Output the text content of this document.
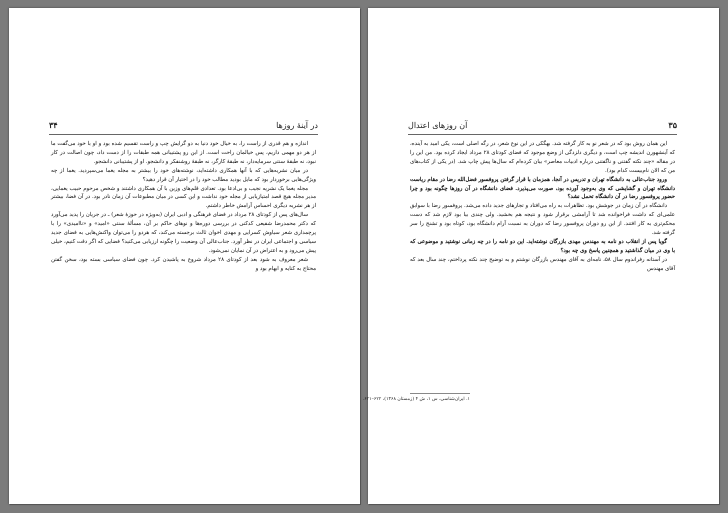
۳۴	در آینهٔ روزها

اندازه و هم قدری از راست را، به خیال خود دنیا به دو گرایش چپ و راست تقسیم شده بود و او با خود می‌گفت ما از هر دو مهمی داریم، پس خیالمان راحت است. از این رو پشتیبانی همه طبقات را از دست داد، چون اصالت در کار نبود، نه طبقهٔ سنتی سرمایه‌دار، نه طبقهٔ کارگر، نه طبقهٔ روشنفکر و دانشجو. او از پشتیبانی دانشجو.

در میان نشریه‌هایی که با آنها همکاری داشته‌اید، نوشته‌های خود را بیشتر به مجله یغما می‌سپردید. یغما از چه ویژگی‌هایی برخوردار بود که مایل بودید مطالب خود را در اختیار آن قرار دهید؟

مجله یغما یک نشریه نجیب و بی‌ادعا بود. تعدادی قلم‌های وزین با آن همکاری داشتند و شخص مرحوم حبیب یغمایی، مدیر مجله هیچ قصد امتیازیابی از مجله خود نداشت و این کسی در میان مطبوعات آن زمان نادر بود. در آن فضا، بیشتر از هر نشریه دیگری احساس آرامش خاطر داشتم.

سال‌های پس از کودتای ۲۸ مرداد در فضای فرهنگی و ادبی ایران (به‌ویژه در حوزهٔ شعر) ـ در جریان را پدید می‌آورد که دکتر محمدرضا شفیعی کدکنی در بررسی دوره‌ها و نوهای حاکم بر آن، مسألهٔ سنتی «امید» و «ناامیدی» را با پرچمداری شعر سیاوش کسرایی و مهدی اخوان ثالث برجسته می‌کند، که هردو را می‌توان واکنش‌هایی به فضای جدید سیاسی و اجتماعی ایران در نظر آورد. جناب‌عالی آن وضعیت را چگونه ارزیابی می‌کنید؟ فضایی که اگر دقت کنیم، خیلی پیش می‌رود و به اعتراض در آن نمایان نمی‌شود.

شعر معروف به شود بعد از کودتای ۲۸ مرداد شروع به پاشیدن کرد. چون فضای سیاسی بسته بود، سخن گفتن محتاج به کنایه و ابهام بود و

۳۵
آن روزهای اعتدال

این همان روش بود که در شعر نو به کار گرفته شد. بهگکی در این نوع شعر، در رگه اصلی است، یکی امید به آینده، که آینشهورن اندیشه چپ است، و دیگری دلزدگی از وضع موجود که فضای کودتای ۲۸ مرداد ایجاد کرده بود. من این را در مقاله «چند نکته گفتنی و ناگفتنی درباره ادبیات معاصر» بیان کرده‌ام که سال‌ها پیش چاپ شد. (در یکی از کتاب‌های من که الان نام‌بیست کدام بود).

ورود جناب‌عالی به دانشگاه تهران و تدریس در آنجا، همزمان با قرار گرفتن پروفسور فضل‌الله رضا در مقام ریاست دانشگاه تهران و گشایشی که وی به‌وجود آورده بود، صورت می‌پذیرد. فضای دانشگاه در آن روزها چگونه بود و چرا حضور پروفسور رضا در آن دانشگاه تحمل نشد؟

دانشگاه در آن زمان در جوشش بود. تظاهرات به راه می‌افتاد و تجارهای جدید داده می‌شد. پروفسور رضا با سوابق علمی‌ای که داشت فراخوانده شد تا آرامشی برقرار شود و نتیجه هم بخشید. ولی چندی بیا بود لازم شد که دست محکم‌تری به کار افتند. از این رو دوران پروفسور رضا که دوران به نسبت آرام دانشگاه بود، کوتاه بود و تشنج را سر گرفته شد.

گویا پس از انقلاب دو نامه به مهندس مهدی بازرگان نوشته‌اید. این دو نامه را در چه زمانی نوشتید و موضوعی که با وی در میان گذاشتید و همچنین پاسخ وی چه بود؟

در آستانه رفراندوم سال ۵۸، نامه‌ای به آقای مهندس بازرگان نوشتم و به توضیح چند نکته پرداختم، چند سال بعد که آقای مهندس

۱. ایران‌شناسی، س ۱، ش ۴ (زمستان ۱۳۶۸)، ۶۲۲–۶۲۱.
